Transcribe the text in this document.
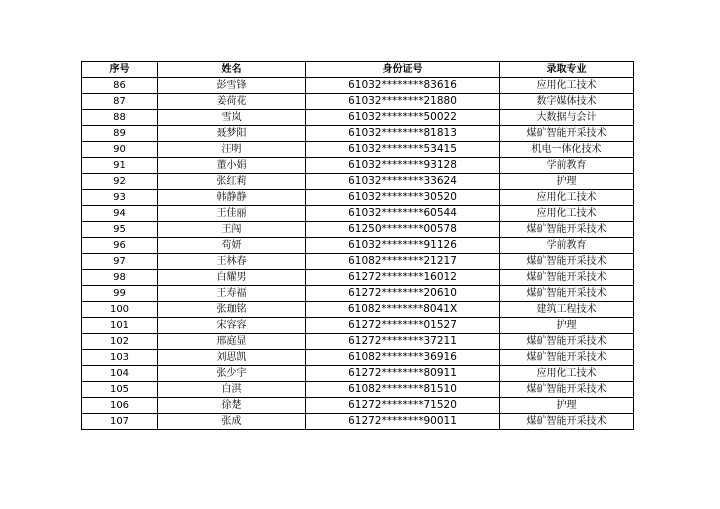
序号	姓名	身份证号	录取专业
86	彭雪锋	61032********83616	应用化工技术
87	姜荷花	61032********21880	数字媒体技术
88	雪岚	61032********50022	大数据与会计
89	聂梦阳	61032********81813	煤矿智能开采技术
90	汪明	61032********53415	机电一体化技术
91	董小娟	61032********93128	学前教育
92	张红莉	61032********33624	护理
93	韩静静	61032********30520	应用化工技术
94	王佳丽	61032********60544	应用化工技术
95	王闯	61250********00578	煤矿智能开采技术
96	苟妍	61032********91126	学前教育
97	王林春	61082********21217	煤矿智能开采技术
98	白耀男	61272********16012	煤矿智能开采技术
99	王寿福	61272********20610	煤矿智能开采技术
100	张珈铭	61082********8041X	建筑工程技术
101	宋容容	61272********01527	护理
102	邢庭显	61272********37211	煤矿智能开采技术
103	刘思凯	61082********36916	煤矿智能开采技术
104	张少宇	61272********80911	应用化工技术
105	白淇	61082********81510	煤矿智能开采技术
106	徐楚	61272********71520	护理
107	张成	61272********90011	煤矿智能开采技术
